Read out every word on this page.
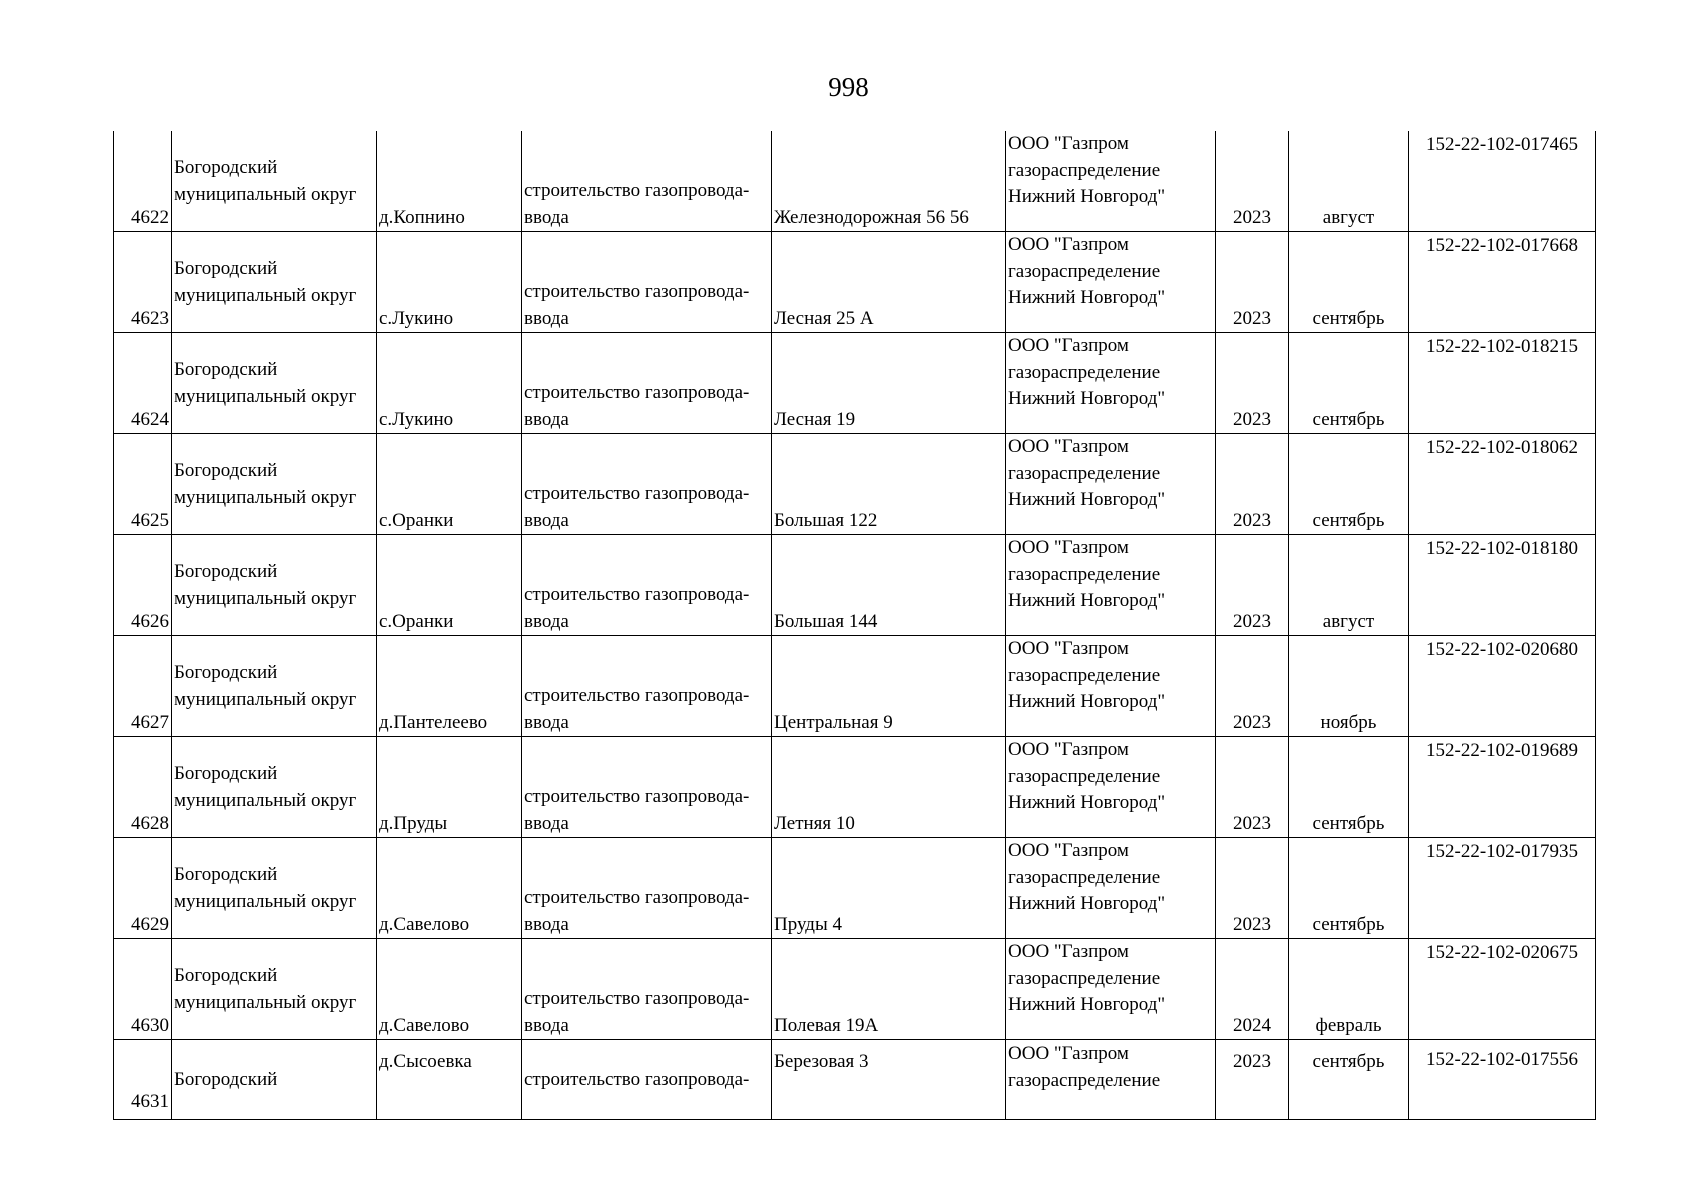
998
4622	Богородский
муниципальный округ	д.Копнино	строительство газопровода-
ввода	Железнодорожная 56 56	ООО "Газпром
газораспределение
Нижний Новгород"	2023	август	152-22-102-017465
4623	Богородский
муниципальный округ	с.Лукино	строительство газопровода-
ввода	Лесная 25 А	ООО "Газпром
газораспределение
Нижний Новгород"	2023	сентябрь	152-22-102-017668
4624	Богородский
муниципальный округ	с.Лукино	строительство газопровода-
ввода	Лесная 19	ООО "Газпром
газораспределение
Нижний Новгород"	2023	сентябрь	152-22-102-018215
4625	Богородский
муниципальный округ	с.Оранки	строительство газопровода-
ввода	Большая 122	ООО "Газпром
газораспределение
Нижний Новгород"	2023	сентябрь	152-22-102-018062
4626	Богородский
муниципальный округ	с.Оранки	строительство газопровода-
ввода	Большая 144	ООО "Газпром
газораспределение
Нижний Новгород"	2023	август	152-22-102-018180
4627	Богородский
муниципальный округ	д.Пантелеево	строительство газопровода-
ввода	Центральная 9	ООО "Газпром
газораспределение
Нижний Новгород"	2023	ноябрь	152-22-102-020680
4628	Богородский
муниципальный округ	д.Пруды	строительство газопровода-
ввода	Летняя 10	ООО "Газпром
газораспределение
Нижний Новгород"	2023	сентябрь	152-22-102-019689
4629	Богородский
муниципальный округ	д.Савелово	строительство газопровода-
ввода	Пруды 4	ООО "Газпром
газораспределение
Нижний Новгород"	2023	сентябрь	152-22-102-017935
4630	Богородский
муниципальный округ	д.Савелово	строительство газопровода-
ввода	Полевая 19А	ООО "Газпром
газораспределение
Нижний Новгород"	2024	февраль	152-22-102-020675
4631	Богородский	д.Сысоевка	строительство газопровода-	Березовая 3	ООО "Газпром
газораспределение	2023	сентябрь	152-22-102-017556
